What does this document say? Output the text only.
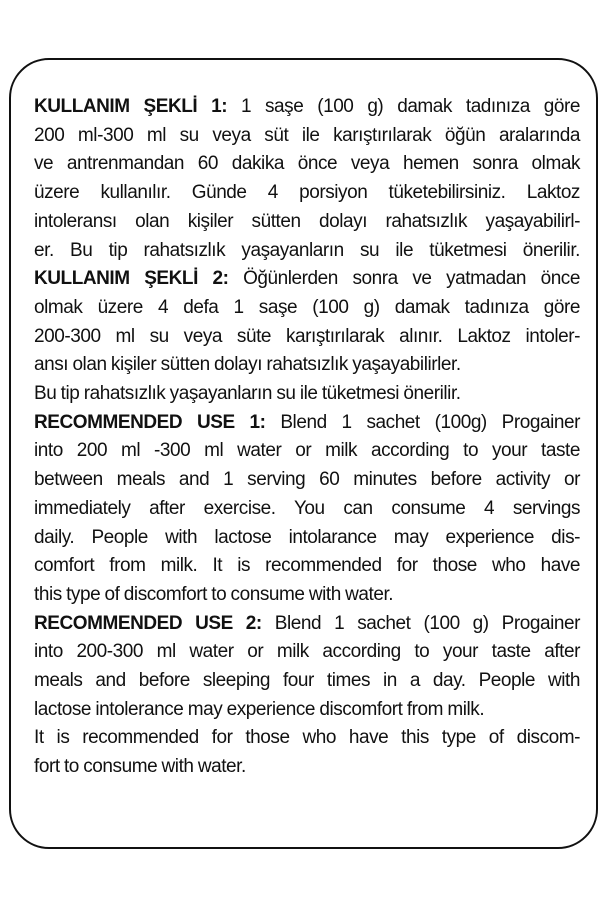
KULLANIM ŞEKLİ 1: 1 saşe (100 g) damak tadınıza göre
200 ml-300 ml su veya süt ile karıştırılarak öğün aralarında
ve antrenmandan 60 dakika önce veya hemen sonra olmak
üzere kullanılır. Günde 4 porsiyon tüketebilirsiniz. Laktoz
intoleransı olan kişiler sütten dolayı rahatsızlık yaşayabilirl-
er. Bu tip rahatsızlık yaşayanların su ile tüketmesi önerilir.
KULLANIM ŞEKLİ 2: Öğünlerden sonra ve yatmadan önce
olmak üzere 4 defa 1 saşe (100 g) damak tadınıza göre
200-300 ml su veya süte karıştırılarak alınır. Laktoz intoler-
ansı olan kişiler sütten dolayı rahatsızlık yaşayabilirler.
Bu tip rahatsızlık yaşayanların su ile tüketmesi önerilir.
RECOMMENDED USE 1: Blend 1 sachet (100g) Progainer
into 200 ml -300 ml water or milk according to your taste
between meals and 1 serving 60 minutes before activity or
immediately after exercise. You can consume 4 servings
daily. People with lactose intolarance may experience dis-
comfort from milk. It is recommended for those who have
this type of discomfort to consume with water.
RECOMMENDED USE 2: Blend 1 sachet (100 g) Progainer
into 200-300 ml water or milk according to your taste after
meals and before sleeping four times in a day. People with
lactose intolerance may experience discomfort from milk.
It is recommended for those who have this type of discom-
fort to consume with water.
